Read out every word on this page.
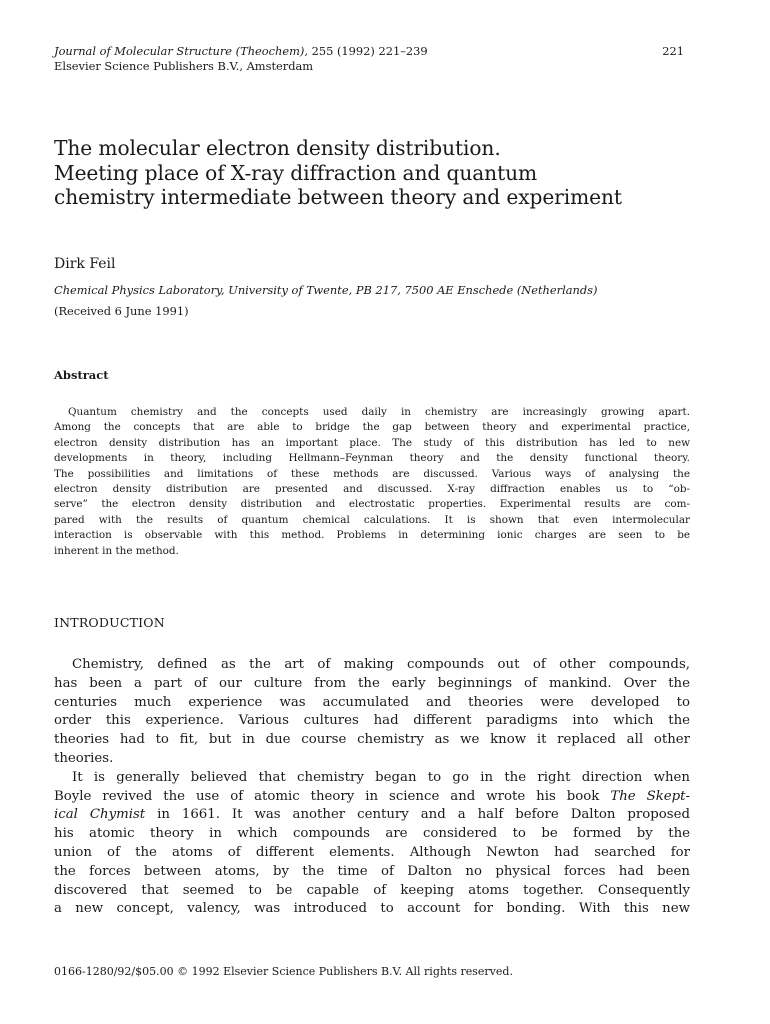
Journal of Molecular Structure (Theochem), 255 (1992) 221–239	221
Elsevier Science Publishers B.V., Amsterdam
The molecular electron density distribution.
Meeting place of X-ray diffraction and quantum
chemistry intermediate between theory and experiment
Dirk Feil
Chemical Physics Laboratory, University of Twente, PB 217, 7500 AE Enschede (Netherlands)
(Received 6 June 1991)
Abstract

Quantum chemistry and the concepts used daily in chemistry are increasingly growing apart.
Among the concepts that are able to bridge the gap between theory and experimental practice,
electron density distribution has an important place. The study of this distribution has led to new
developments in theory, including Hellmann–Feynman theory and the density functional theory.
The possibilities and limitations of these methods are discussed. Various ways of analysing the
electron density distribution are presented and discussed. X-ray diffraction enables us to “ob-
serve” the electron density distribution and electrostatic properties. Experimental results are com-
pared with the results of quantum chemical calculations. It is shown that even intermolecular
interaction is observable with this method. Problems in determining ionic charges are seen to be
inherent in the method.

INTRODUCTION

Chemistry, defined as the art of making compounds out of other compounds,
has been a part of our culture from the early beginnings of mankind. Over the
centuries much experience was accumulated and theories were developed to
order this experience. Various cultures had different paradigms into which the
theories had to fit, but in due course chemistry as we know it replaced all other
theories.
It is generally believed that chemistry began to go in the right direction when
Boyle revived the use of atomic theory in science and wrote his book The Skept-
ical Chymist in 1661. It was another century and a half before Dalton proposed
his atomic theory in which compounds are considered to be formed by the
union of the atoms of different elements. Although Newton had searched for
the forces between atoms, by the time of Dalton no physical forces had been
discovered that seemed to be capable of keeping atoms together. Consequently
a new concept, valency, was introduced to account for bonding. With this new

0166-1280/92/$05.00 © 1992 Elsevier Science Publishers B.V. All rights reserved.
